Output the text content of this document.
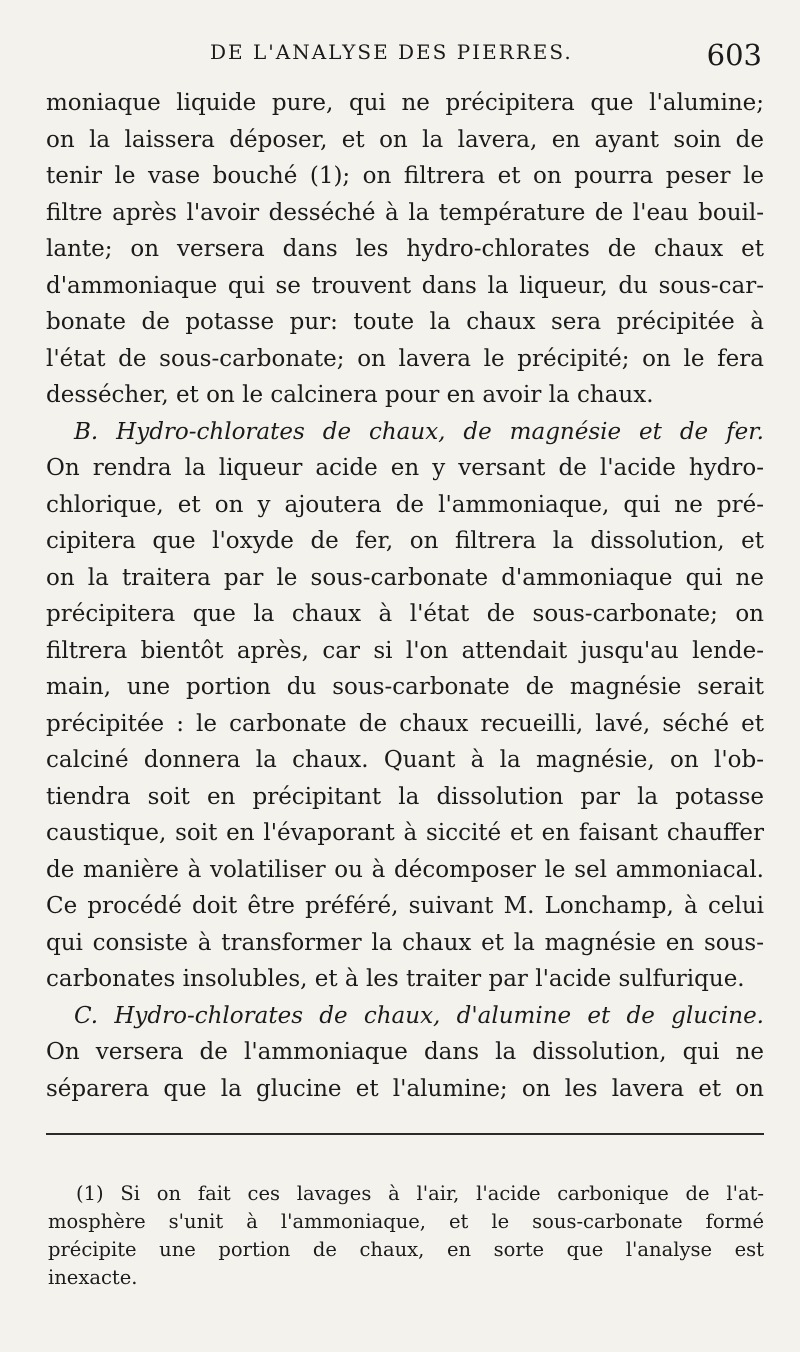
DE L'ANALYSE DES PIERRES.	603
moniaque liquide pure, qui ne précipitera que l'alumine;
on la laissera déposer, et on la lavera, en ayant soin de
tenir le vase bouché (1); on filtrera et on pourra peser le
filtre après l'avoir desséché à la température de l'eau bouil-
lante; on versera dans les hydro-chlorates de chaux et
d'ammoniaque qui se trouvent dans la liqueur, du sous-car-
bonate de potasse pur: toute la chaux sera précipitée à
l'état de sous-carbonate; on lavera le précipité; on le fera
dessécher, et on le calcinera pour en avoir la chaux.
B. Hydro-chlorates de chaux, de magnésie et de fer.
On rendra la liqueur acide en y versant de l'acide hydro-
chlorique, et on y ajoutera de l'ammoniaque, qui ne pré-
cipitera que l'oxyde de fer, on filtrera la dissolution, et
on la traitera par le sous-carbonate d'ammoniaque qui ne
précipitera que la chaux à l'état de sous-carbonate; on
filtrera bientôt après, car si l'on attendait jusqu'au lende-
main, une portion du sous-carbonate de magnésie serait
précipitée : le carbonate de chaux recueilli, lavé, séché et
calciné donnera la chaux. Quant à la magnésie, on l'ob-
tiendra soit en précipitant la dissolution par la potasse
caustique, soit en l'évaporant à siccité et en faisant chauffer
de manière à volatiliser ou à décomposer le sel ammoniacal.
Ce procédé doit être préféré, suivant M. Lonchamp, à celui
qui consiste à transformer la chaux et la magnésie en sous-
carbonates insolubles, et à les traiter par l'acide sulfurique.
C. Hydro-chlorates de chaux, d'alumine et de glucine.
On versera de l'ammoniaque dans la dissolution, qui ne
séparera que la glucine et l'alumine; on les lavera et on
(1) Si on fait ces lavages à l'air, l'acide carbonique de l'at-
mosphère s'unit à l'ammoniaque, et le sous-carbonate formé
précipite une portion de chaux, en sorte que l'analyse est
inexacte.
